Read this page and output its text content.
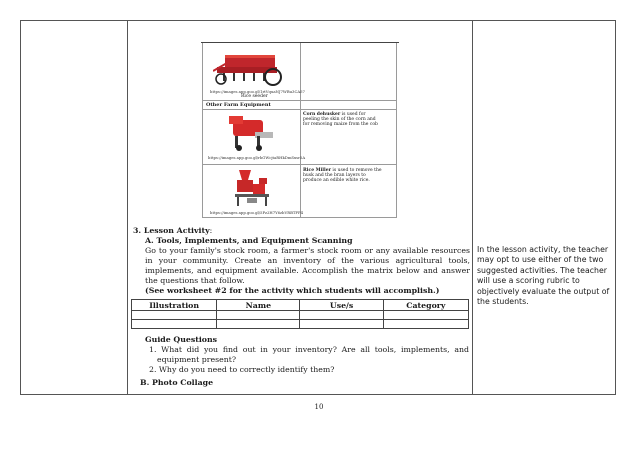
https://images.app.goo.gl/1rtVquaNJ7WBu3CA57
Rice seeder
Other Farm Equipment
https://images.app.goo.gl/rhGWcjtaRHkDmSxsr5A
Corn dehusker is used for
peeling the skin of the corn and
for removing maize from the cob
https://images.app.goo.gl/5Pz2H7Y6zbVRBTFP4
Rice Miller is used to remove the
husk and the bran layers to
produce an edible white rice.
3. Lesson Activity:
A. Tools, Implements, and Equipment Scanning
Go to your family's stock room, a farmer's stock room or any available resources
in your community. Create an inventory of the various agricultural tools,
implements, and equipment available. Accomplish the matrix below and answer
the questions that follow.
(See worksheet #2 for the activity which students will accomplish.)
Illustration	Name	Use/s	Category

Guide Questions
1. What did you find out in your inventory? Are all tools, implements, and
equipment present?
2. Why do you need to correctly identify them?
B. Photo Collage
In the lesson activity, the teacher may opt to use either of the two suggested activities. The teacher will use a scoring rubric to objectively evaluate the output of the students.
10
